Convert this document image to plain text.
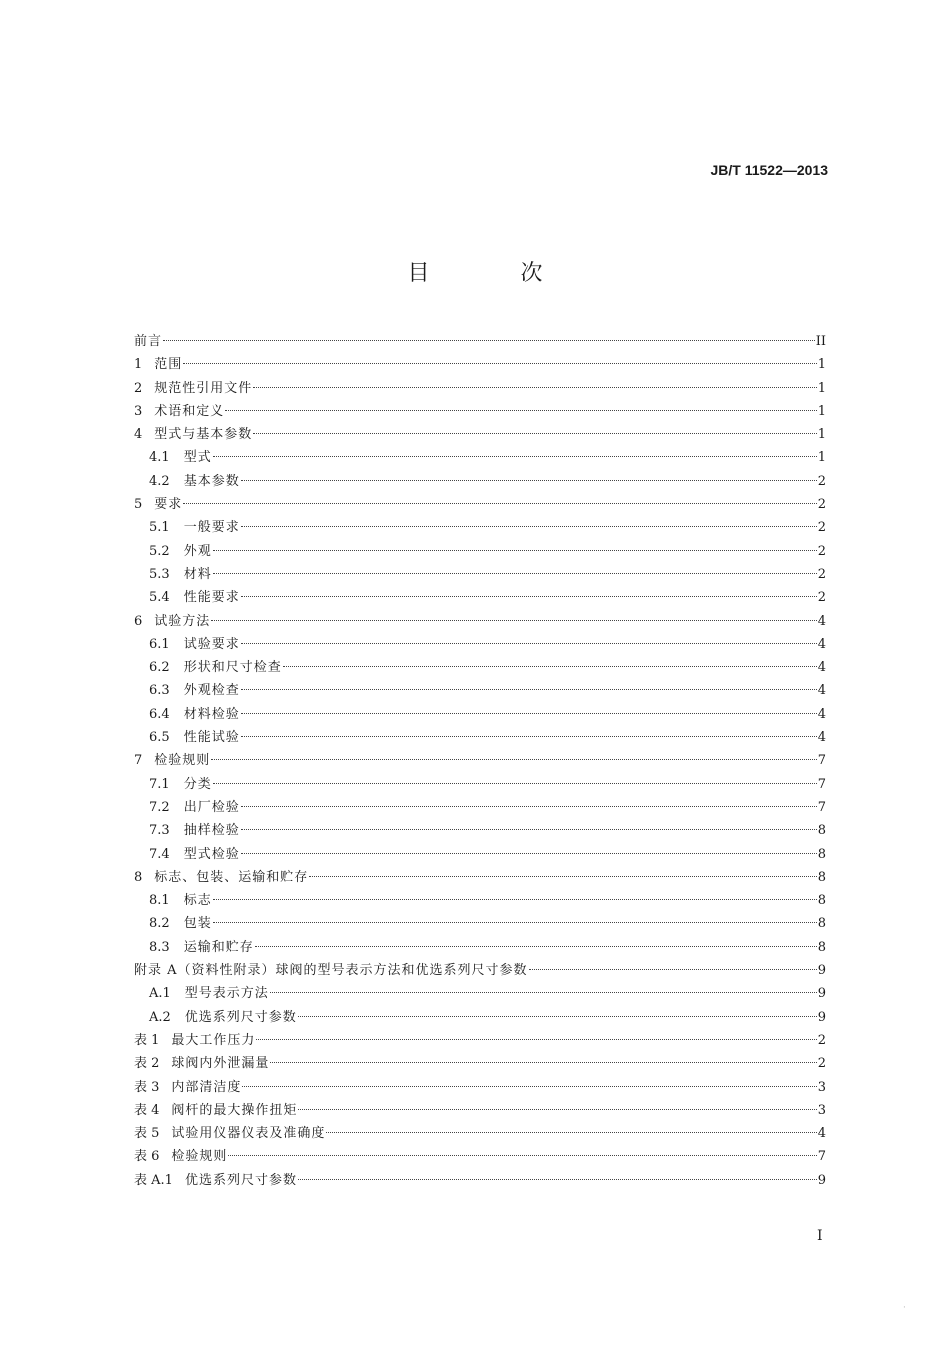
JB/T 11522—2013
目 次
前言	II
1 范围	1
2 规范性引用文件	1
3 术语和定义	1
4 型式与基本参数	1
4.1 型式	1
4.2 基本参数	2
5 要求	2
5.1 一般要求	2
5.2 外观	2
5.3 材料	2
5.4 性能要求	2
6 试验方法	4
6.1 试验要求	4
6.2 形状和尺寸检查	4
6.3 外观检查	4
6.4 材料检验	4
6.5 性能试验	4
7 检验规则	7
7.1 分类	7
7.2 出厂检验	7
7.3 抽样检验	8
7.4 型式检验	8
8 标志、包装、运输和贮存	8
8.1 标志	8
8.2 包装	8
8.3 运输和贮存	8
附录 A（资料性附录）球阀的型号表示方法和优选系列尺寸参数	9
A.1 型号表示方法	9
A.2 优选系列尺寸参数	9
表 1 最大工作压力	2
表 2 球阀内外泄漏量	2
表 3 内部清洁度	3
表 4 阀杆的最大操作扭矩	3
表 5 试验用仪器仪表及准确度	4
表 6 检验规则	7
表 A.1 优选系列尺寸参数	9
I
·
